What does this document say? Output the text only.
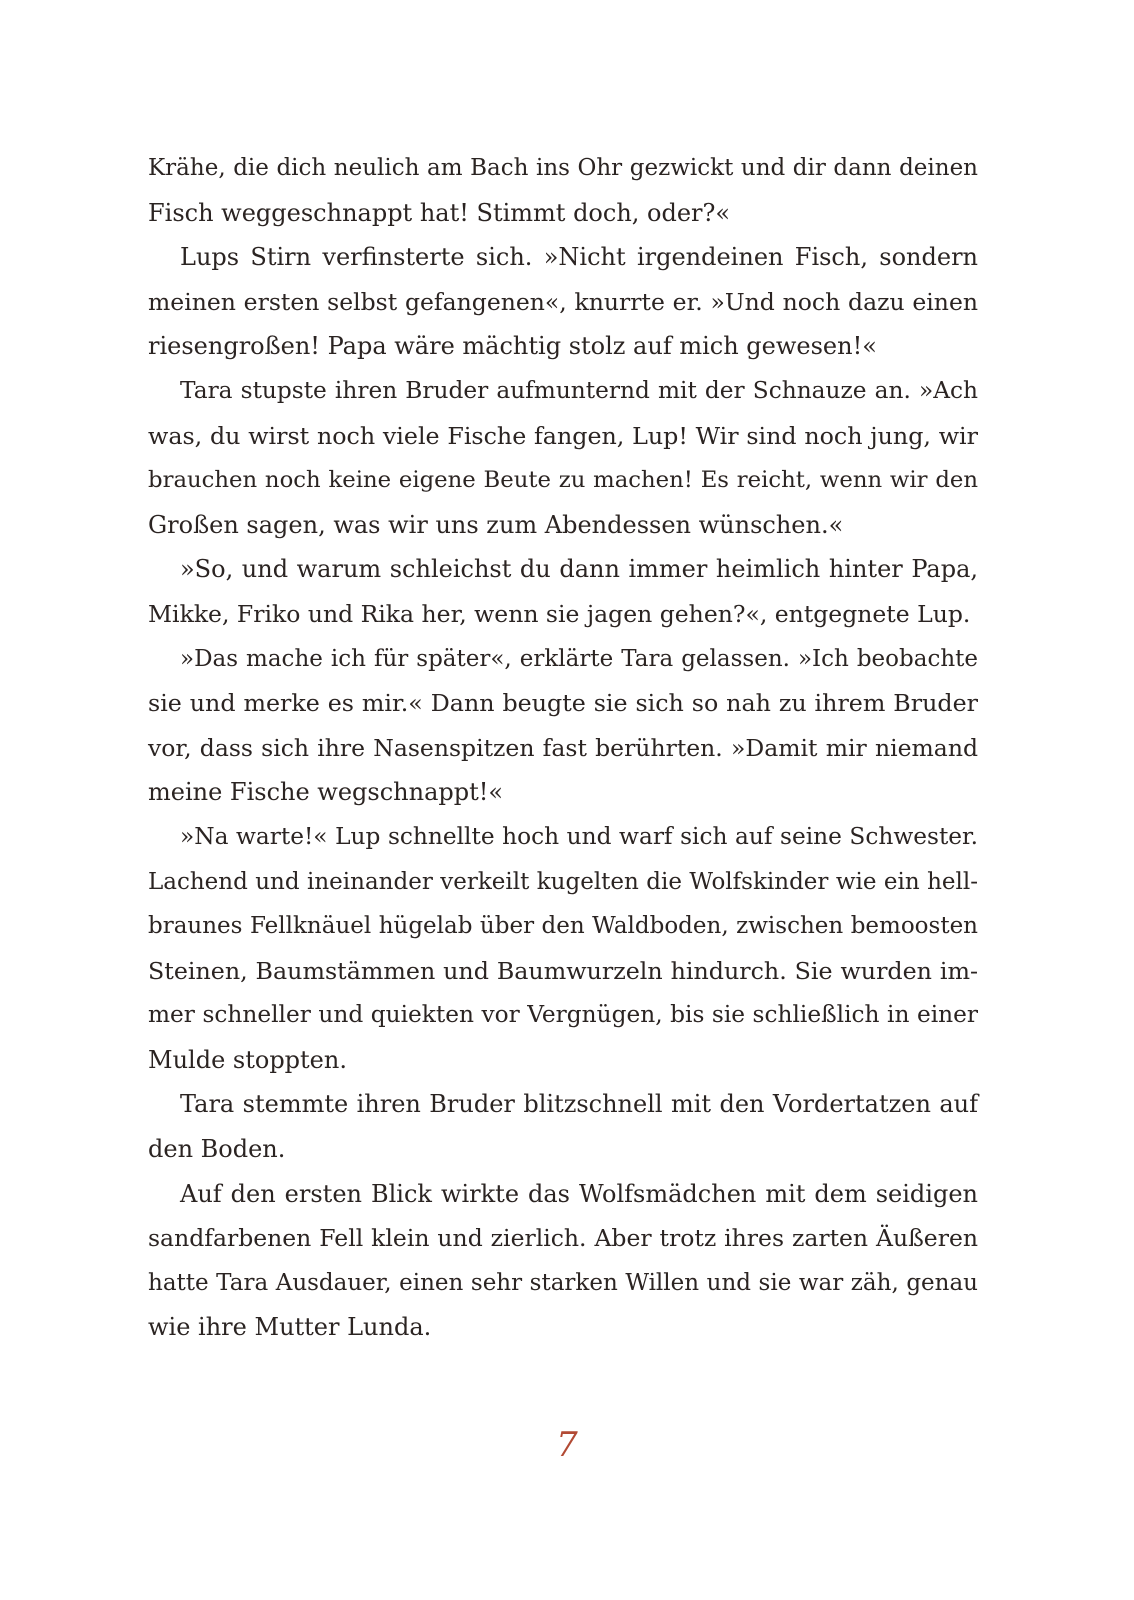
Krähe, die dich neulich am Bach ins Ohr gezwickt und dir dann deinen
Fisch weggeschnappt hat! Stimmt doch, oder?«
Lups Stirn verfinsterte sich. »Nicht irgendeinen Fisch, sondern
meinen ersten selbst gefangenen«, knurrte er. »Und noch dazu einen
riesengroßen! Papa wäre mächtig stolz auf mich gewesen!«
Tara stupste ihren Bruder aufmunternd mit der Schnauze an. »Ach
was, du wirst noch viele Fische fangen, Lup! Wir sind noch jung, wir
brauchen noch keine eigene Beute zu machen! Es reicht, wenn wir den
Großen sagen, was wir uns zum Abendessen wünschen.«
»So, und warum schleichst du dann immer heimlich hinter Papa,
Mikke, Friko und Rika her, wenn sie jagen gehen?«, entgegnete Lup.
»Das mache ich für später«, erklärte Tara gelassen. »Ich beobachte
sie und merke es mir.« Dann beugte sie sich so nah zu ihrem Bruder
vor, dass sich ihre Nasenspitzen fast berührten. »Damit mir niemand
meine Fische wegschnappt!«
»Na warte!« Lup schnellte hoch und warf sich auf seine Schwester.
Lachend und ineinander verkeilt kugelten die Wolfskinder wie ein hell-
braunes Fellknäuel hügelab über den Waldboden, zwischen bemoosten
Steinen, Baumstämmen und Baumwurzeln hindurch. Sie wurden im-
mer schneller und quiekten vor Vergnügen, bis sie schließlich in einer
Mulde stoppten.
Tara stemmte ihren Bruder blitzschnell mit den Vordertatzen auf
den Boden.
Auf den ersten Blick wirkte das Wolfsmädchen mit dem seidigen
sandfarbenen Fell klein und zierlich. Aber trotz ihres zarten Äußeren
hatte Tara Ausdauer, einen sehr starken Willen und sie war zäh, genau
wie ihre Mutter Lunda.
7
